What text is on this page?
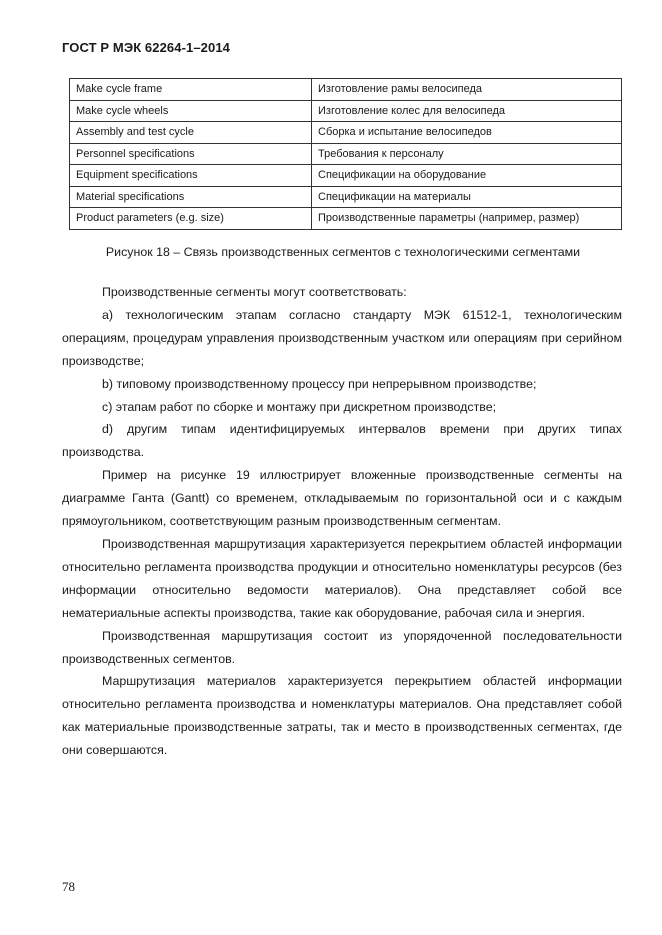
ГОСТ Р МЭК 62264-1–2014
Make cycle frame	Изготовление рамы велосипеда
Make cycle wheels	Изготовление колес для велосипеда
Assembly and test cycle	Сборка и испытание велосипедов
Personnel specifications	Требования к персоналу
Equipment specifications	Спецификации на оборудование
Material specifications	Спецификации на материалы
Product parameters (e.g. size)	Производственные параметры (например, размер)

Рисунок 18 – Связь производственных сегментов с технологическими сегментами

Производственные сегменты могут соответствовать:

а) технологическим этапам согласно стандарту МЭК 61512-1, технологическим операциям, процедурам управления производственным участком или операциям при серийном производстве;

b) типовому производственному процессу при непрерывном производстве;

c) этапам работ по сборке и монтажу при дискретном производстве;

d) другим типам идентифицируемых интервалов времени при других типах производства.

Пример на рисунке 19 иллюстрирует вложенные производственные сегменты на диаграмме Ганта (Gantt) со временем, откладываемым по горизонтальной оси и с каждым прямоугольником, соответствующим разным производственным сегментам.

Производственная маршрутизация характеризуется перекрытием областей информации относительно регламента производства продукции и относительно номенклатуры ресурсов (без информации относительно ведомости материалов). Она представляет собой все нематериальные аспекты производства, такие как оборудование, рабочая сила и энергия.

Производственная маршрутизация состоит из упорядоченной последовательности производственных сегментов.

Маршрутизация материалов характеризуется перекрытием областей информации относительно регламента производства и номенклатуры материалов. Она представляет собой как материальные производственные затраты, так и место в производственных сегментах, где они совершаются.

78
